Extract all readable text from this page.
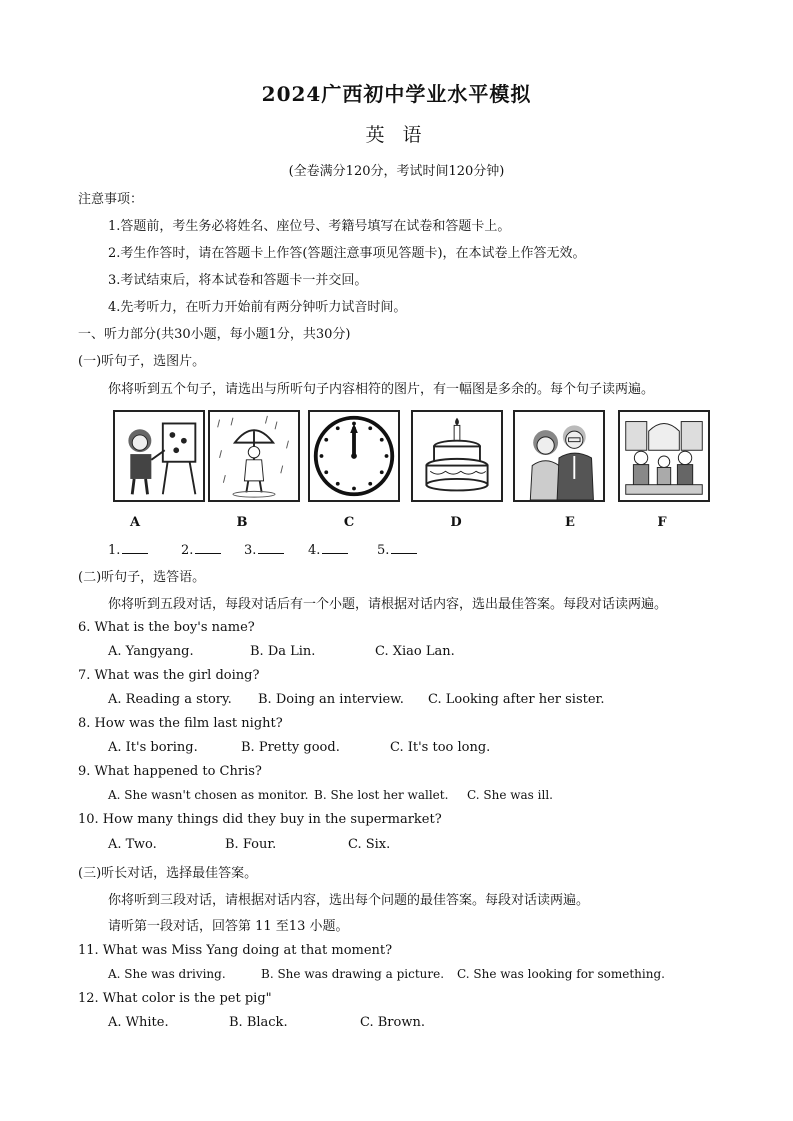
2024广西初中学业水平模拟
英 语
(全卷满分120分，考试时间120分钟)
注意事项：
1.答题前，考生务必将姓名、座位号、考籍号填写在试卷和答题卡上。
2.考生作答时，请在答题卡上作答(答题注意事项见答题卡)，在本试卷上作答无效。
3.考试结束后，将本试卷和答题卡一并交回。
4.先考听力，在听力开始前有两分钟听力试音时间。
一、听力部分(共30小题，每小题1分，共30分)
(一)听句子，选图片。
你将听到五个句子，请选出与所听句子内容相符的图片，有一幅图是多余的。每个句子读两遍。
A	B	C	D	E	F
1.	2.	3.	4.	5.
(二)听句子，选答语。
你将听到五段对话，每段对话后有一个小题，请根据对话内容，选出最佳答案。每段对话读两遍。
6. What is the boy's name?
A. Yangyang.	B. Da Lin.	C. Xiao Lan.
7. What was the girl doing?
A. Reading a story. B. Doing an interview. C. Looking after her sister.
8. How was the film last night?
A. It's boring.	B. Pretty good.	C. It's too long.
9. What happened to Chris?
A. She wasn't chosen as monitor. B. She lost her wallet. C. She was ill.
10. How many things did they buy in the supermarket?
A. Two.	B. Four.	C. Six.
(三)听长对话，选择最佳答案。
你将听到三段对话，请根据对话内容，选出每个问题的最佳答案。每段对话读两遍。
请听第一段对话，回答第 11 至13 小题。
11. What was Miss Yang doing at that moment?
A. She was driving.	B. She was drawing a picture. C. She was looking for something.
12. What color is the pet pig"
A. White.	B. Black.	C. Brown.
